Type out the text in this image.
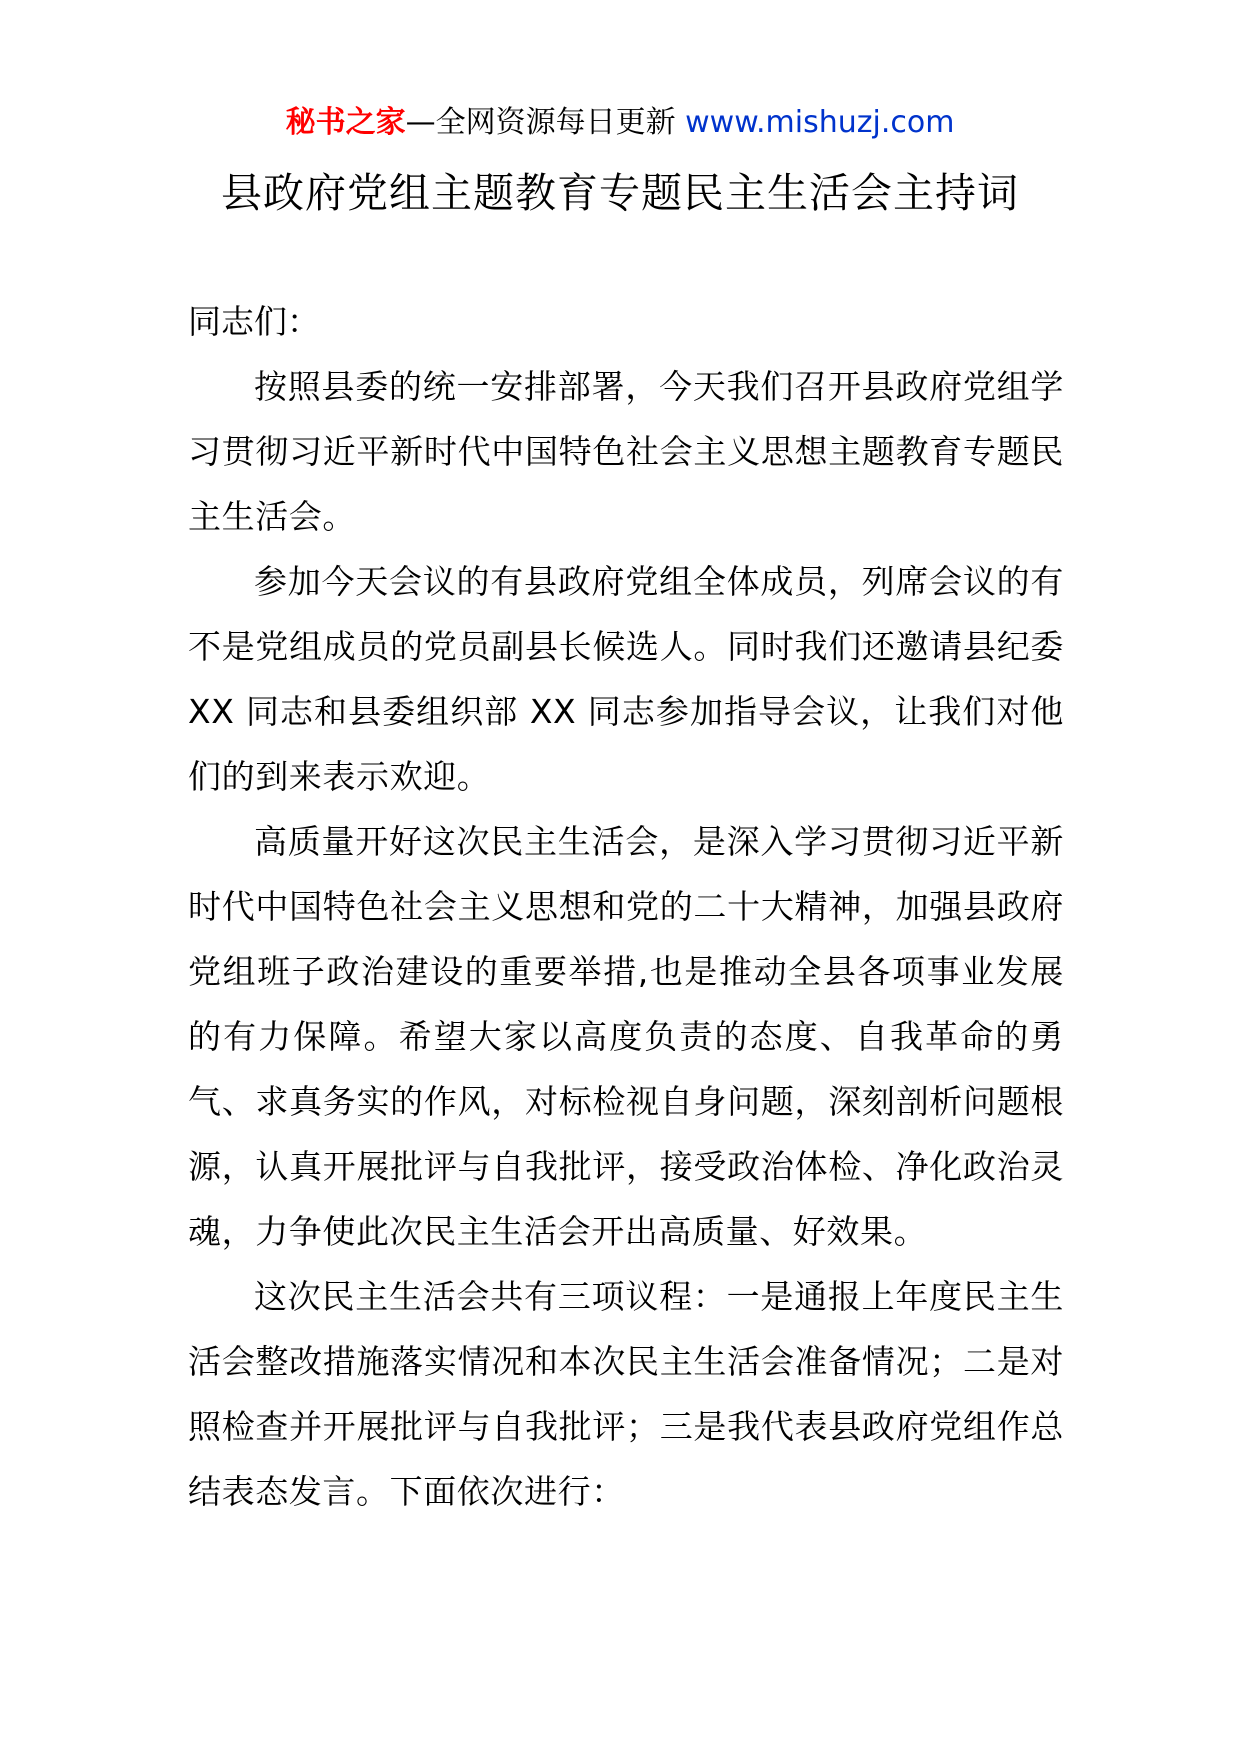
秘书之家—全网资源每日更新 www.mishuzj.com
县政府党组主题教育专题民主生活会主持词

同志们：

按照县委的统一安排部署，今天我们召开县政府党组学习贯彻习近平新时代中国特色社会主义思想主题教育专题民主生活会。

参加今天会议的有县政府党组全体成员，列席会议的有不是党组成员的党员副县长候选人。同时我们还邀请县纪委 XX 同志和县委组织部 XX 同志参加指导会议，让我们对他们的到来表示欢迎。

高质量开好这次民主生活会，是深入学习贯彻习近平新时代中国特色社会主义思想和党的二十大精神，加强县政府党组班子政治建设的重要举措,也是推动全县各项事业发展的有力保障。希望大家以高度负责的态度、自我革命的勇气、求真务实的作风，对标检视自身问题，深刻剖析问题根源，认真开展批评与自我批评，接受政治体检、净化政治灵魂，力争使此次民主生活会开出高质量、好效果。

这次民主生活会共有三项议程：一是通报上年度民主生活会整改措施落实情况和本次民主生活会准备情况；二是对照检查并开展批评与自我批评；三是我代表县政府党组作总结表态发言。下面依次进行：
